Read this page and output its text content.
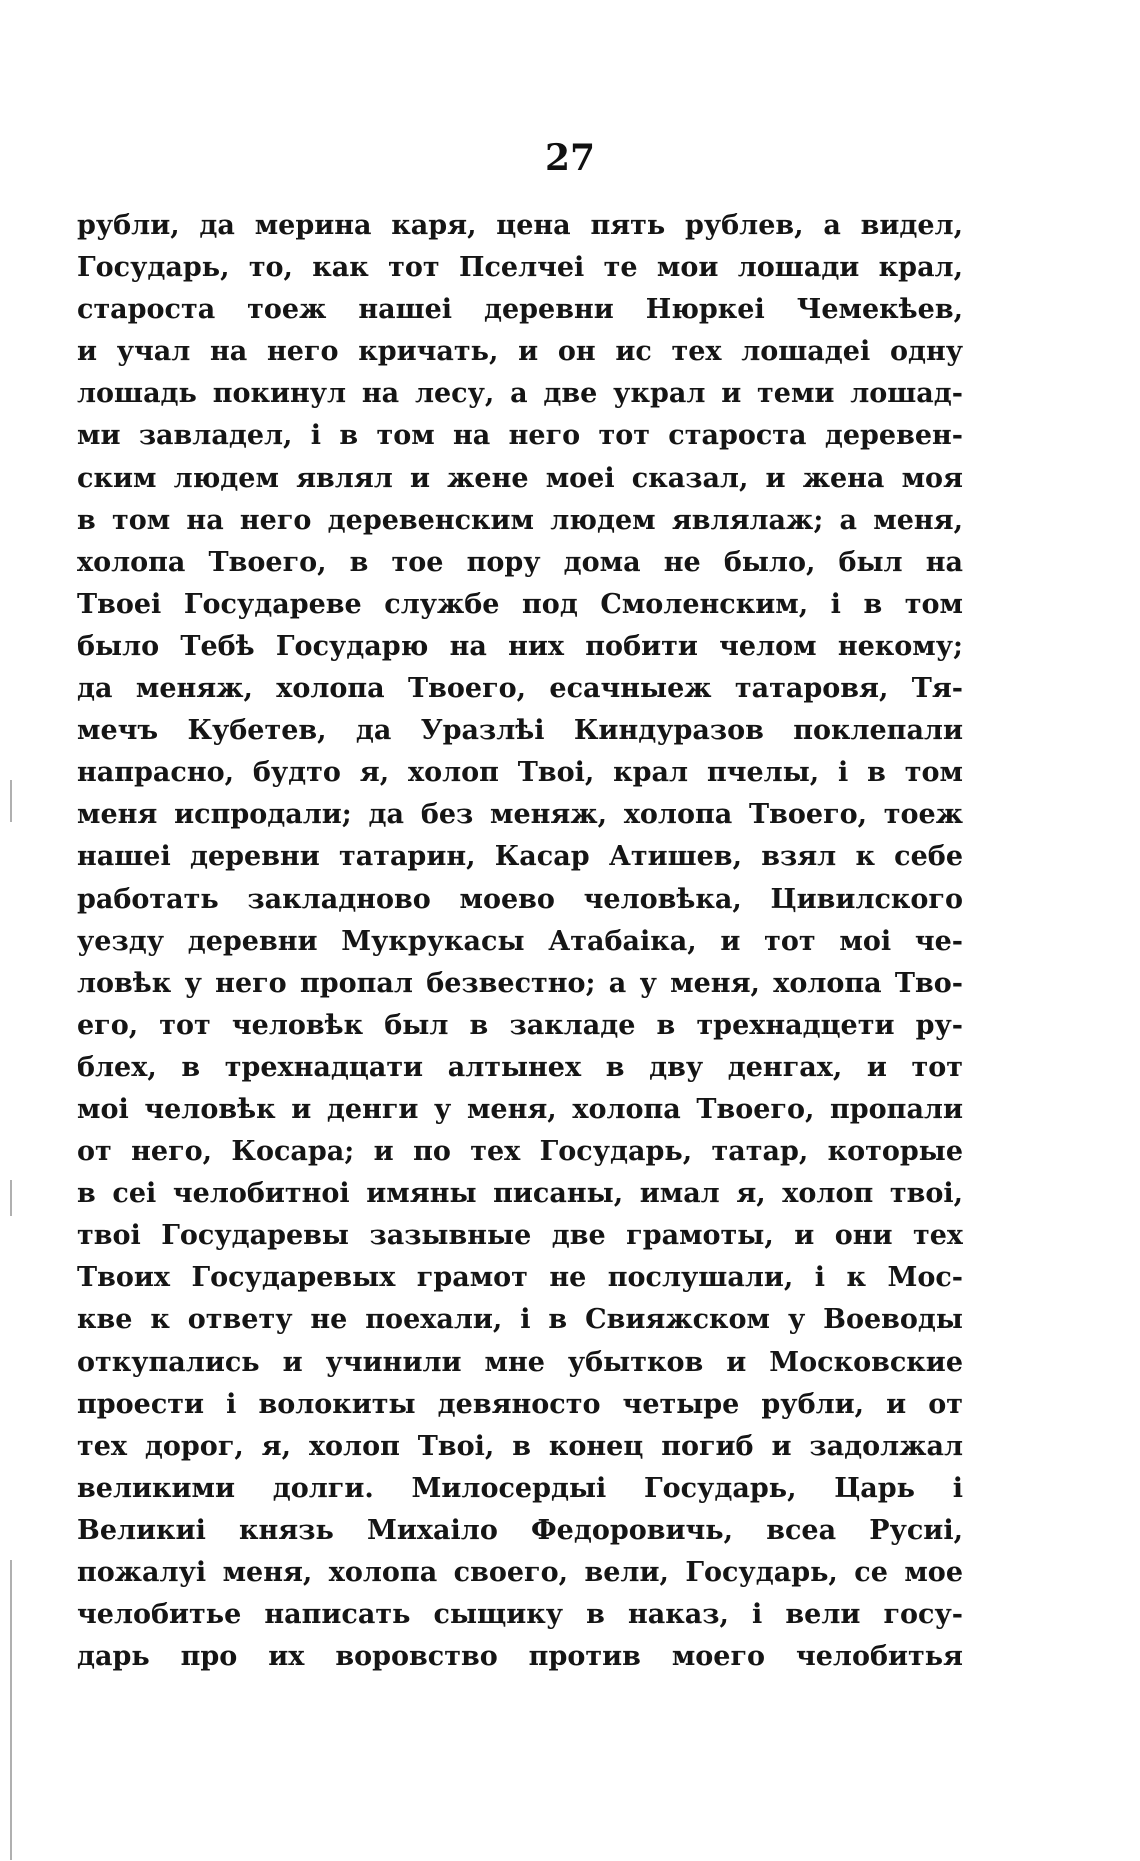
27
рубли, да мерина каря, цена пять рублев, а видел,
Государь, то, как тот Пселчеі те мои лошади крал,
староста тоеж нашеі деревни Нюркеі Чемекѣев,
и учал на него кричать, и он ис тех лошадеі одну
лошадь покинул на лесу, а две украл и теми лошад-
ми завладел, і в том на него тот староста деревен-
ским людем являл и жене моеі сказал, и жена моя
в том на него деревенским людем являлаж; а меня,
холопа Твоего, в тое пору дома не было, был на
Твоеі Государеве службе под Смоленским, і в том
было Тебѣ Государю на них побити челом некому;
да меняж, холопа Твоего, есачныеж татаровя, Тя-
мечъ Кубетев, да Уразлѣі Киндуразов поклепали
напрасно, будто я, холоп Твоі, крал пчелы, і в том
меня испродали; да без меняж, холопа Твоего, тоеж
нашеі деревни татарин, Касар Атишев, взял к себе
работать закладново моево человѣка, Цивилского
уезду деревни Мукрукасы Атабаіка, и тот моі че-
ловѣк у него пропал безвестно; а у меня, холопа Тво-
его, тот человѣк был в закладе в трехнадцети ру-
блех, в трехнадцати алтынех в дву денгах, и тот
моі человѣк и денги у меня, холопа Твоего, пропали
от него, Косара; и по тех Государь, татар, которые
в сеі челобитноі имяны писаны, имал я, холоп твоі,
твоі Государевы зазывные две грамоты, и они тех
Твоих Государевых грамот не послушали, і к Мос-
кве к ответу не поехали, і в Свияжском у Воеводы
откупались и учинили мне убытков и Московские
проести і волокиты девяносто четыре рубли, и от
тех дорог, я, холоп Твоі, в конец погиб и задолжал
великими долги. Милосердыі Государь, Царь і
Великиі князь Михаіло Федоровичь, всеа Русиі,
пожалуі меня, холопа своего, вели, Государь, се мое
челобитье написать сыщику в наказ, і вели госу-
дарь про их воровство против моего челобитья
